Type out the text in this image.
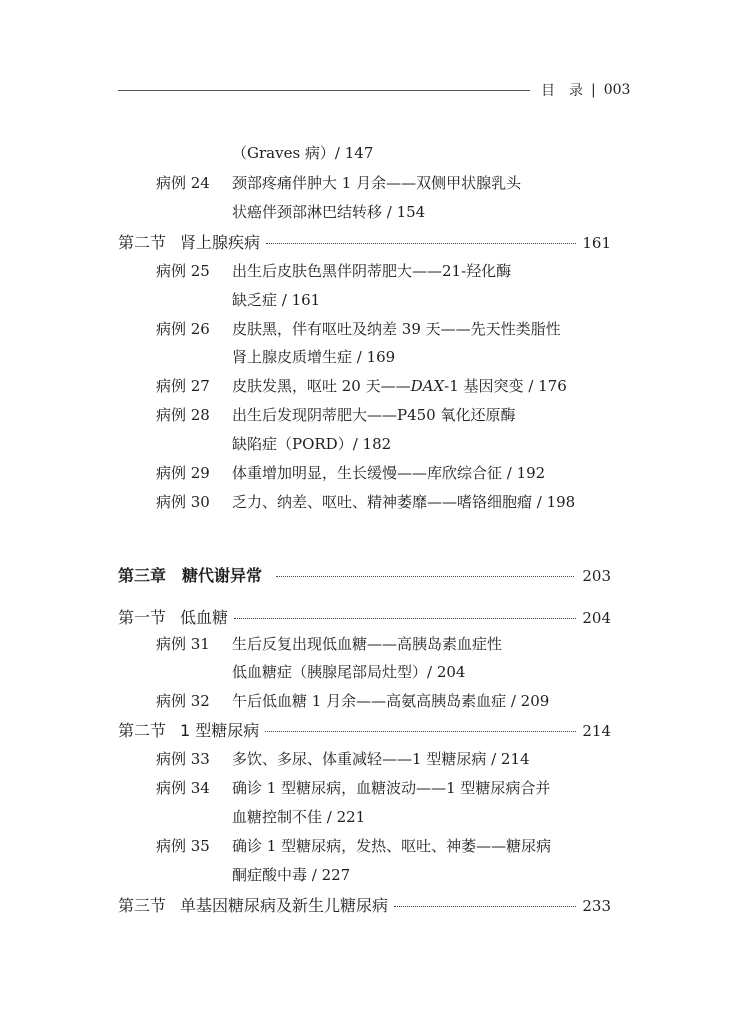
目　录 | 003
（Graves 病）/ 147
病例 24 颈部疼痛伴肿大 1 月余——双侧甲状腺乳头
状癌伴颈部淋巴结转移 / 154
第二节 肾上腺疾病	161
病例 25 出生后皮肤色黑伴阴蒂肥大——21-羟化酶
缺乏症 / 161
病例 26 皮肤黑，伴有呕吐及纳差 39 天——先天性类脂性
肾上腺皮质增生症 / 169
病例 27 皮肤发黑，呕吐 20 天——DAX-1 基因突变 / 176
病例 28 出生后发现阴蒂肥大——P450 氧化还原酶
缺陷症（PORD）/ 182
病例 29 体重增加明显，生长缓慢——库欣综合征 / 192
病例 30 乏力、纳差、呕吐、精神萎靡——嗜铬细胞瘤 / 198
第三章 糖代谢异常	203
第一节 低血糖	204
病例 31 生后反复出现低血糖——高胰岛素血症性
低血糖症（胰腺尾部局灶型）/ 204
病例 32 午后低血糖 1 月余——高氨高胰岛素血症 / 209
第二节 1 型糖尿病	214
病例 33 多饮、多尿、体重减轻——1 型糖尿病 / 214
病例 34 确诊 1 型糖尿病，血糖波动——1 型糖尿病合并
血糖控制不佳 / 221
病例 35 确诊 1 型糖尿病，发热、呕吐、神萎——糖尿病
酮症酸中毒 / 227
第三节 单基因糖尿病及新生儿糖尿病	233
